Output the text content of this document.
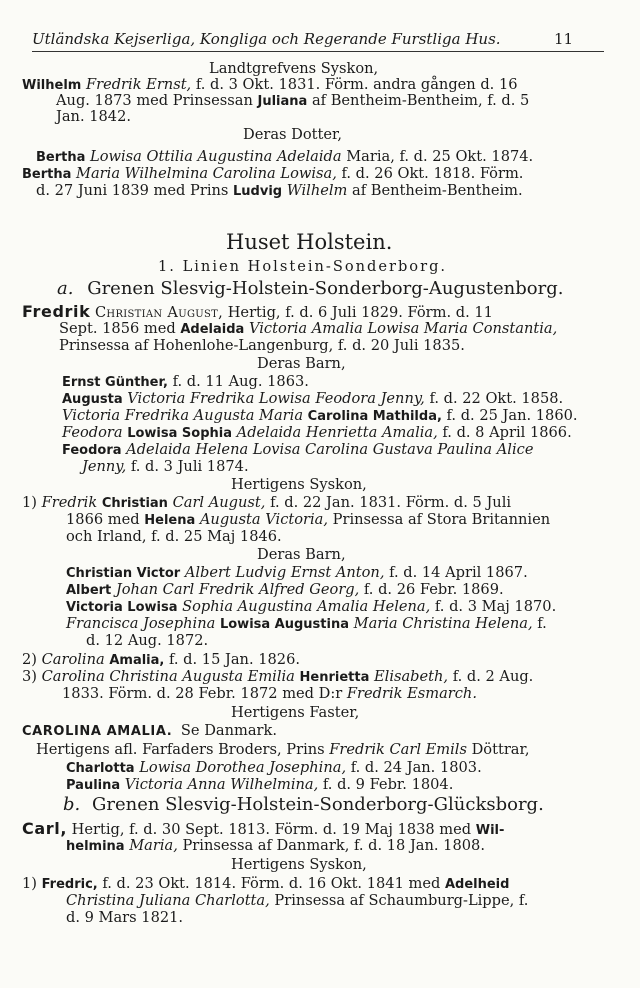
Utländska Kejserliga, Kongliga och Regerande Furstliga Hus.	11
Landtgrefvens Syskon,
Wilhelm Fredrik Ernst, f. d. 3 Okt. 1831. Förm. andra gången d. 16
Aug. 1873 med Prinsessan Juliana af Bentheim-Bentheim, f. d. 5
Jan. 1842.
Deras Dotter,
Bertha Lowisa Ottilia Augustina Adelaida Maria, f. d. 25 Okt. 1874.
Bertha Maria Wilhelmina Carolina Lowisa, f. d. 26 Okt. 1818. Förm.
d. 27 Juni 1839 med Prins Ludvig Wilhelm af Bentheim-Bentheim.
Huset Holstein.
1. Linien Holstein-Sonderborg.
a. Grenen Slesvig-Holstein-Sonderborg-Augustenborg.
Fredrik Christian August, Hertig, f. d. 6 Juli 1829. Förm. d. 11
Sept. 1856 med Adelaida Victoria Amalia Lowisa Maria Constantia,
Prinsessa af Hohenlohe-Langenburg, f. d. 20 Juli 1835.
Deras Barn,
Ernst Günther, f. d. 11 Aug. 1863.
Augusta Victoria Fredrika Lowisa Feodora Jenny, f. d. 22 Okt. 1858.
Victoria Fredrika Augusta Maria Carolina Mathilda, f. d. 25 Jan. 1860.
Feodora Lowisa Sophia Adelaida Henrietta Amalia, f. d. 8 April 1866.
Feodora Adelaida Helena Lovisa Carolina Gustava Paulina Alice
Jenny, f. d. 3 Juli 1874.
Hertigens Syskon,
1) Fredrik Christian Carl August, f. d. 22 Jan. 1831. Förm. d. 5 Juli
1866 med Helena Augusta Victoria, Prinsessa af Stora Britannien
och Irland, f. d. 25 Maj 1846.
Deras Barn,
Christian Victor Albert Ludvig Ernst Anton, f. d. 14 April 1867.
Albert Johan Carl Fredrik Alfred Georg, f. d. 26 Febr. 1869.
Victoria Lowisa Sophia Augustina Amalia Helena, f. d. 3 Maj 1870.
Francisca Josephina Lowisa Augustina Maria Christina Helena, f.
d. 12 Aug. 1872.
2) Carolina Amalia, f. d. 15 Jan. 1826.
3) Carolina Christina Augusta Emilia Henrietta Elisabeth, f. d. 2 Aug.
1833. Förm. d. 28 Febr. 1872 med D:r Fredrik Esmarch.
Hertigens Faster,
CAROLINA AMALIA. Se Danmark.
Hertigens afl. Farfaders Broders, Prins Fredrik Carl Emils Döttrar,
Charlotta Lowisa Dorothea Josephina, f. d. 24 Jan. 1803.
Paulina Victoria Anna Wilhelmina, f. d. 9 Febr. 1804.
b. Grenen Slesvig-Holstein-Sonderborg-Glücksborg.
Carl, Hertig, f. d. 30 Sept. 1813. Förm. d. 19 Maj 1838 med Wil-
helmina Maria, Prinsessa af Danmark, f. d. 18 Jan. 1808.
Hertigens Syskon,
1) Fredric, f. d. 23 Okt. 1814. Förm. d. 16 Okt. 1841 med Adelheid
Christina Juliana Charlotta, Prinsessa af Schaumburg-Lippe, f.
d. 9 Mars 1821.
